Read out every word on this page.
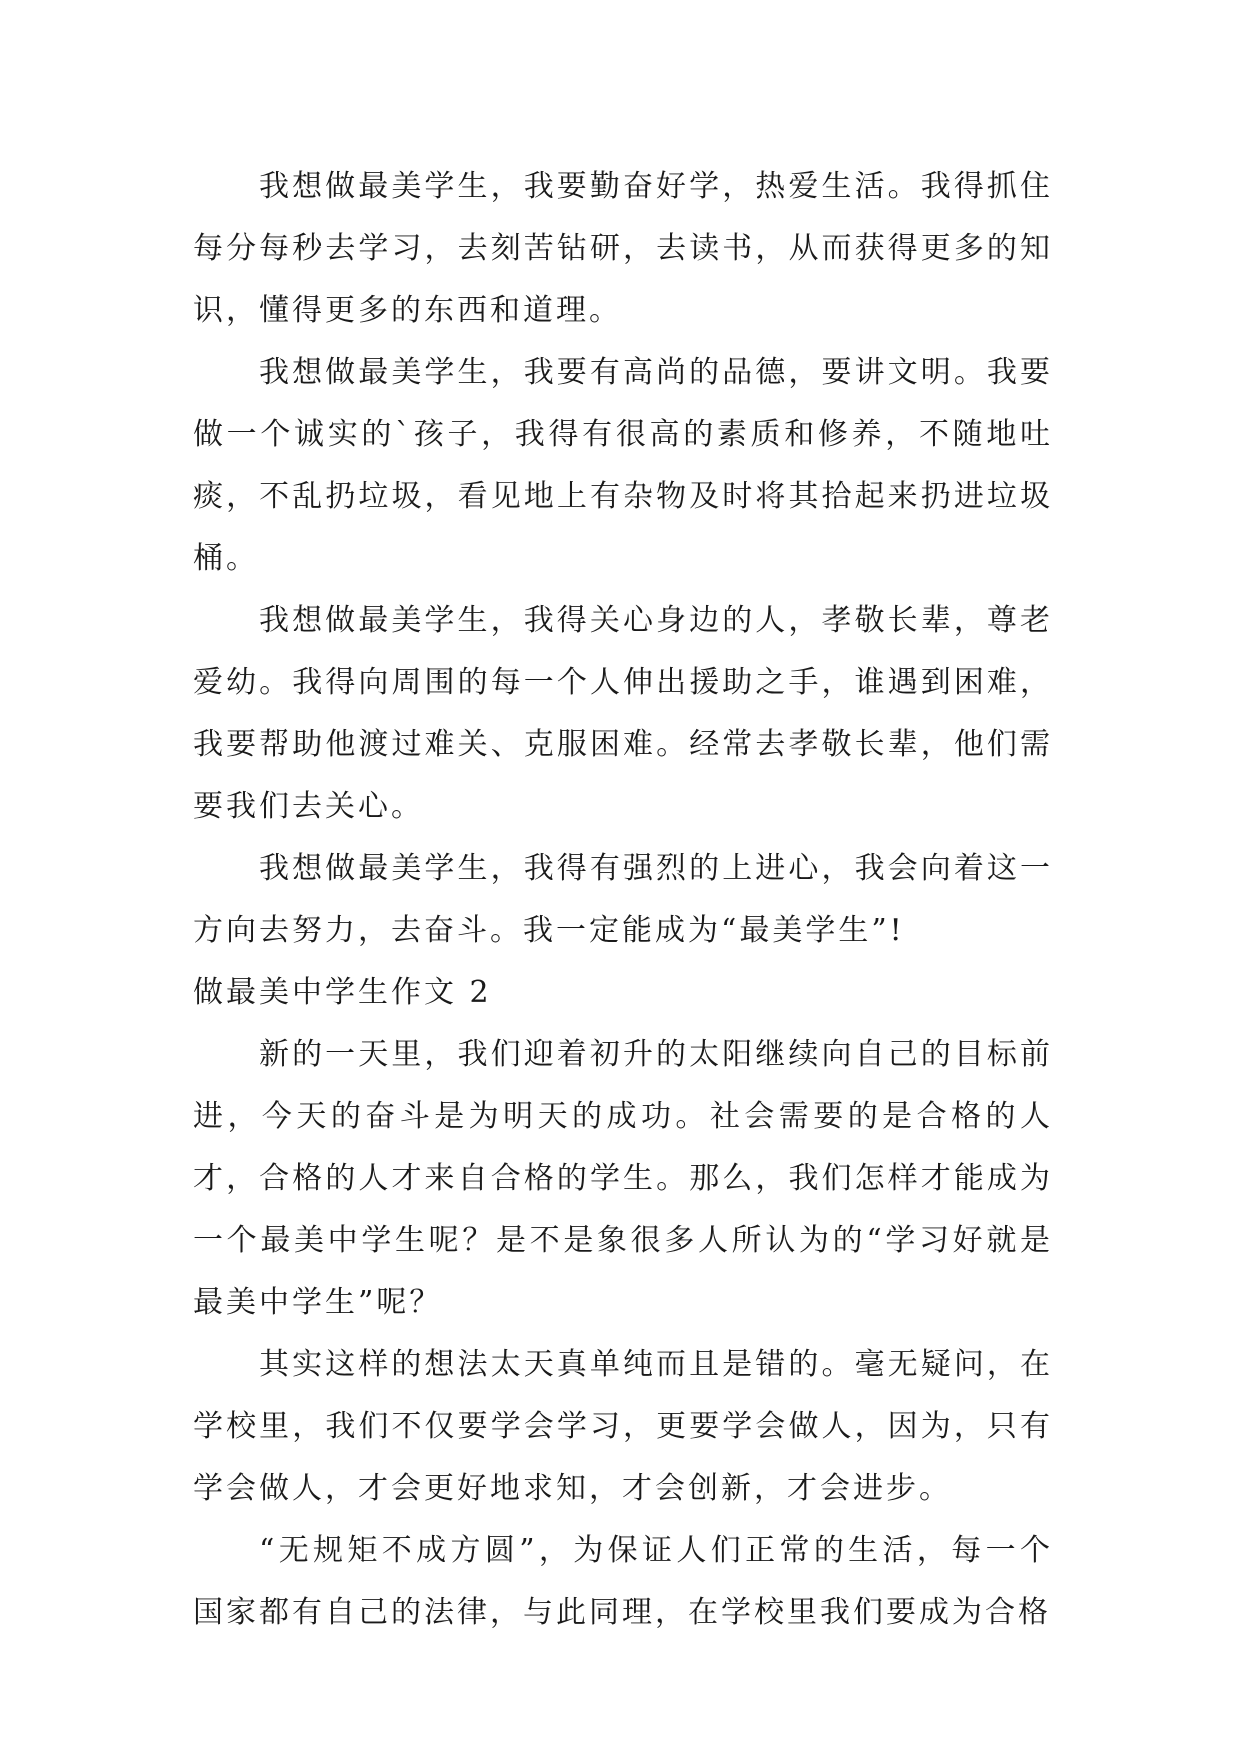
我想做最美学生，我要勤奋好学，热爱生活。我得抓住每分每秒去学习，去刻苦钻研，去读书，从而获得更多的知识，懂得更多的东西和道理。

我想做最美学生，我要有高尚的品德，要讲文明。我要做一个诚实的`孩子，我得有很高的素质和修养，不随地吐痰，不乱扔垃圾，看见地上有杂物及时将其拾起来扔进垃圾桶。

我想做最美学生，我得关心身边的人，孝敬长辈，尊老爱幼。我得向周围的每一个人伸出援助之手，谁遇到困难，我要帮助他渡过难关、克服困难。经常去孝敬长辈，他们需要我们去关心。

我想做最美学生，我得有强烈的上进心，我会向着这一方向去努力，去奋斗。我一定能成为“最美学生”!

做最美中学生作文 2

新的一天里，我们迎着初升的太阳继续向自己的目标前进，今天的奋斗是为明天的成功。社会需要的是合格的人才，合格的人才来自合格的学生。那么，我们怎样才能成为一个最美中学生呢？是不是象很多人所认为的“学习好就是最美中学生”呢？

其实这样的想法太天真单纯而且是错的。毫无疑问，在学校里，我们不仅要学会学习，更要学会做人，因为，只有学会做人，才会更好地求知，才会创新，才会进步。

“无规矩不成方圆”，为保证人们正常的生活，每一个国家都有自己的法律，与此同理，在学校里我们要成为合格
